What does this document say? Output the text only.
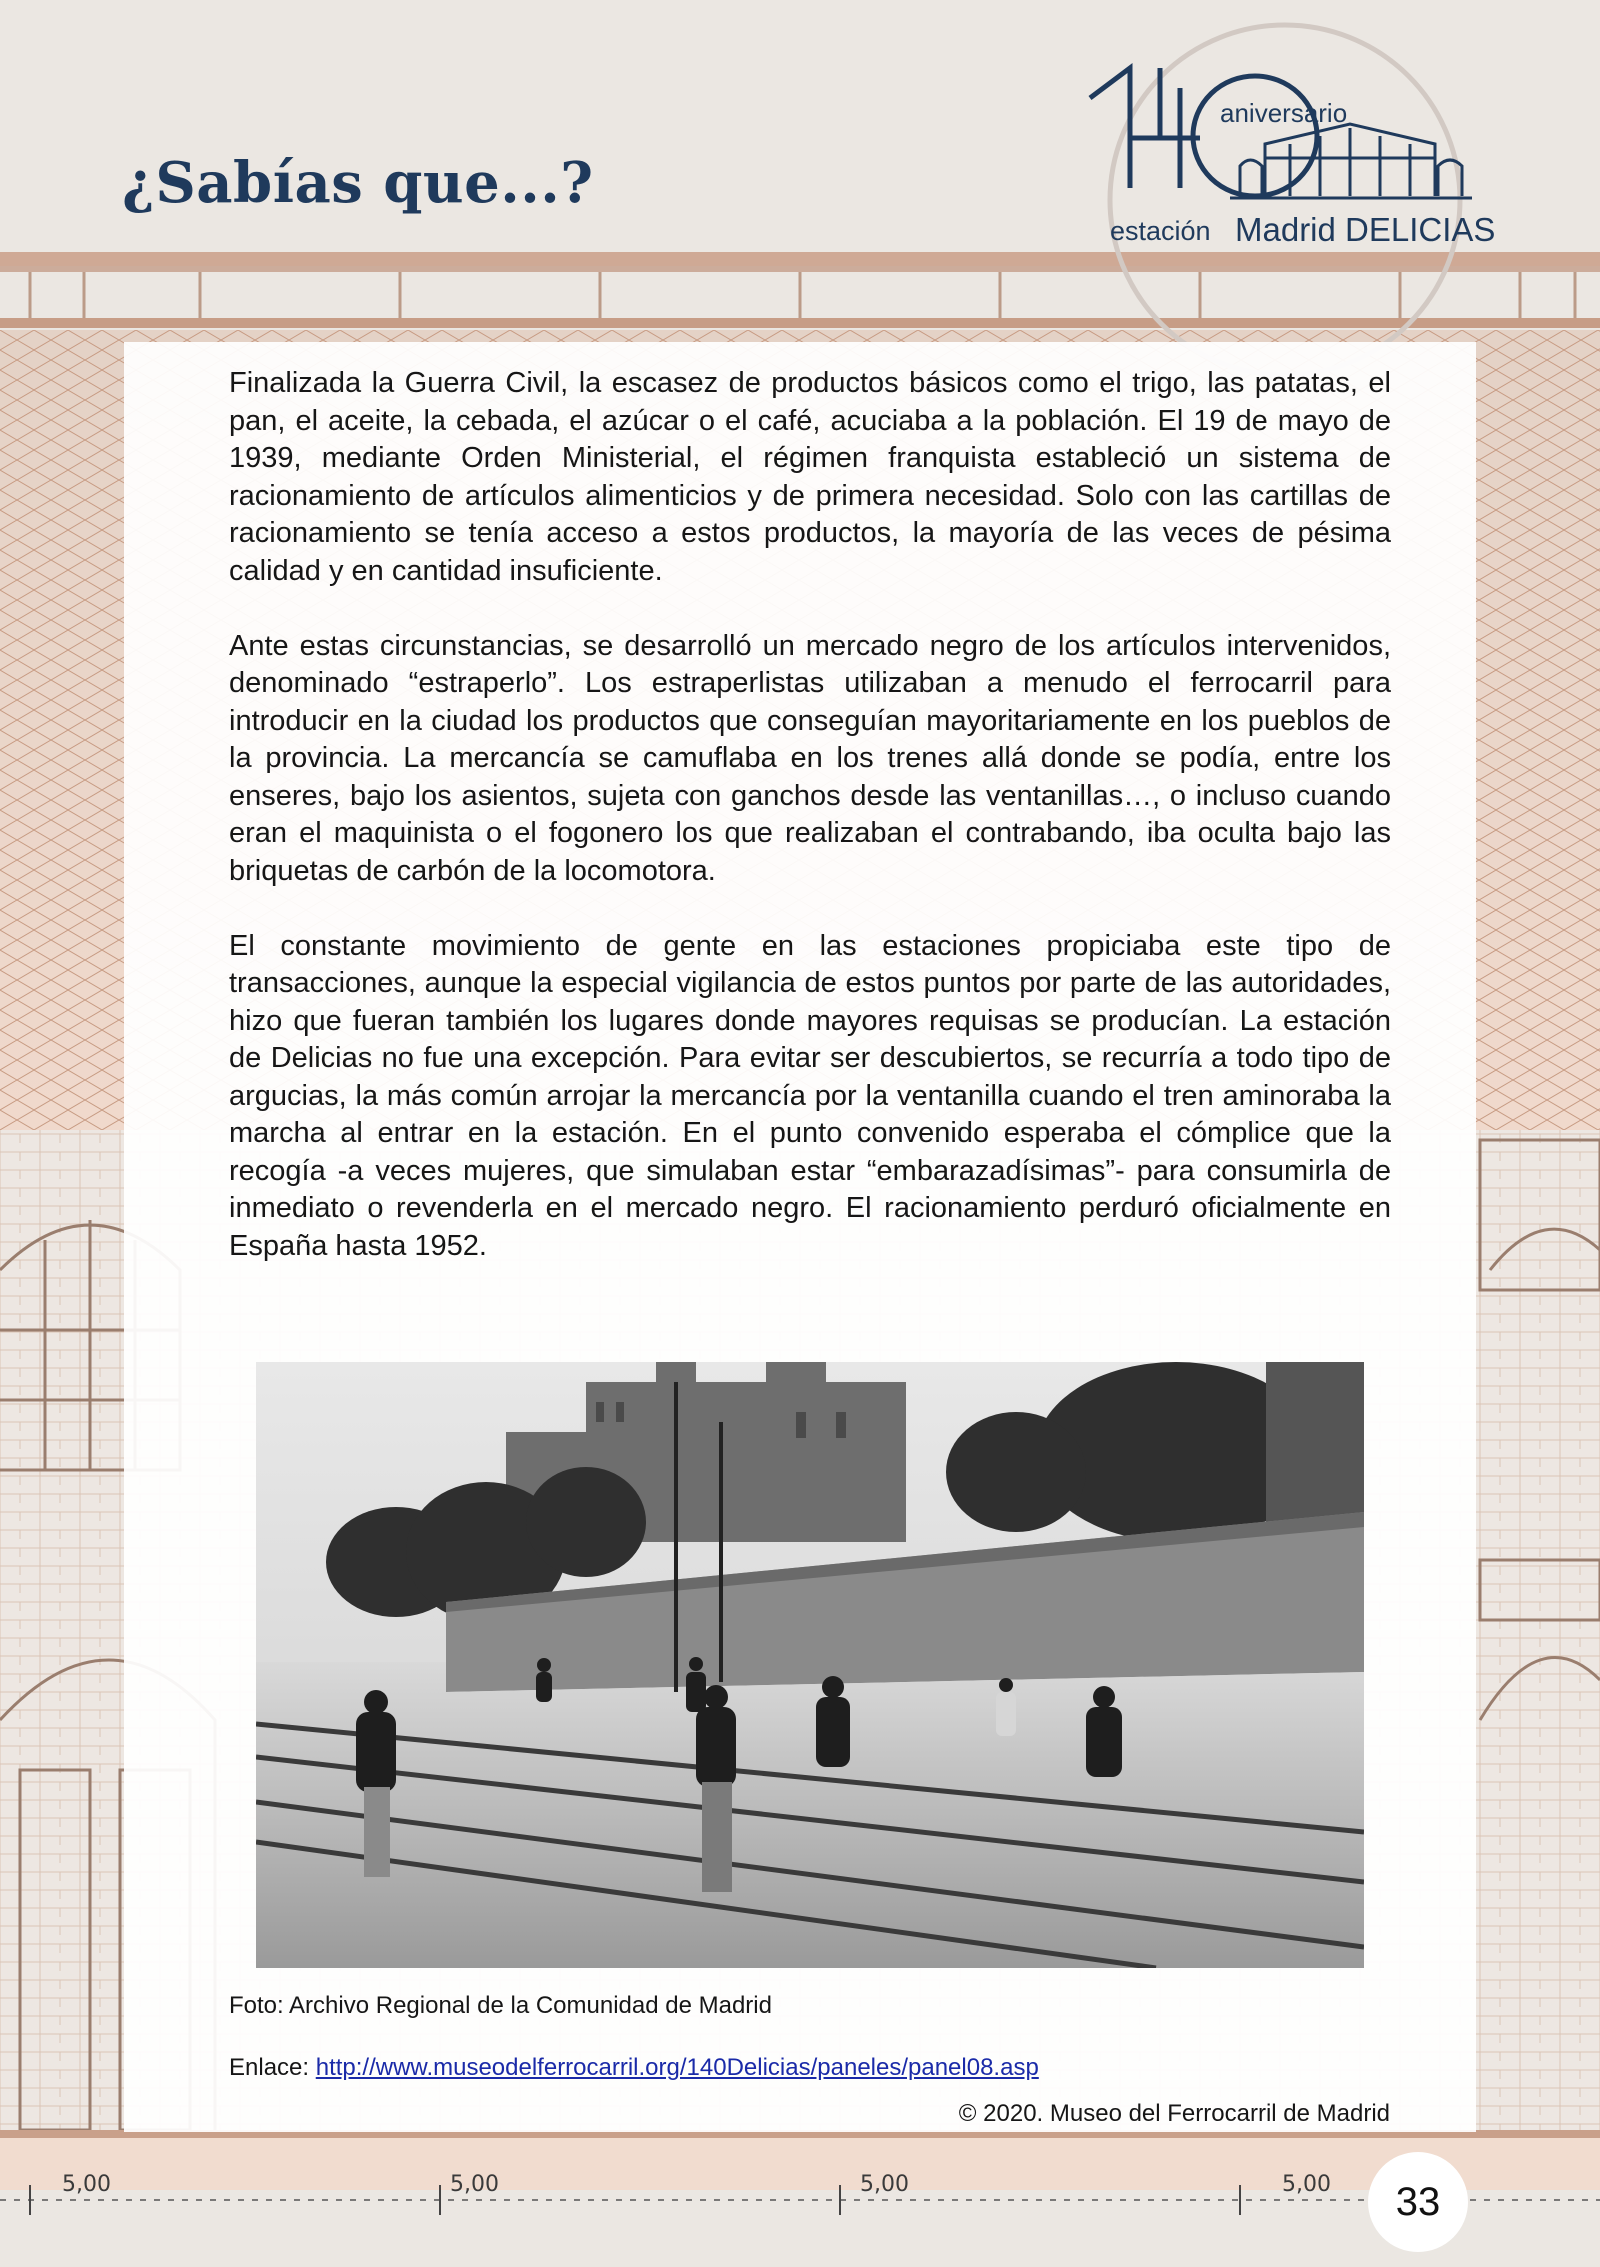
¿Sabías que...?
aniversario
estación Madrid DELICIAS

Finalizada la Guerra Civil, la escasez de productos básicos como el trigo, las patatas, el pan, el aceite, la cebada, el azúcar o el café, acuciaba a la población. El 19 de mayo de 1939, mediante Orden Ministerial, el régimen franquista estableció un sistema de racionamiento de artículos alimenticios y de primera necesidad. Solo con las cartillas de racionamiento se tenía acceso a estos productos, la mayoría de las veces de pésima calidad y en cantidad insuficiente.

Ante estas circunstancias, se desarrolló un mercado negro de los artículos intervenidos, denominado “estraperlo”. Los estraperlistas utilizaban a menudo el ferrocarril para introducir en la ciudad los productos que conseguían mayoritariamente en los pueblos de la provincia. La mercancía se camuflaba en los trenes allá donde se podía, entre los enseres, bajo los asientos, sujeta con ganchos desde las ventanillas…, o incluso cuando eran el maquinista o el fogonero los que realizaban el contrabando, iba oculta bajo las briquetas de carbón de la locomotora.

El constante movimiento de gente en las estaciones propiciaba este tipo de transacciones, aunque la especial vigilancia de estos puntos por parte de las autoridades, hizo que fueran también los lugares donde mayores requisas se producían. La estación de Delicias no fue una excepción. Para evitar ser descubiertos, se recurría a todo tipo de argucias, la más común arrojar la mercancía por la ventanilla cuando el tren aminoraba la marcha al entrar en la estación. En el punto convenido esperaba el cómplice que la recogía -a veces mujeres, que simulaban estar “embarazadísimas”- para consumirla de inmediato o revenderla en el mercado negro. El racionamiento perduró oficialmente en España hasta 1952.

Foto: Archivo Regional de la Comunidad de Madrid
Enlace: http://www.museodelferrocarril.org/140Delicias/paneles/panel08.asp
© 2020. Museo del Ferrocarril de Madrid
5,00	5,00	5,00	5,00	33
